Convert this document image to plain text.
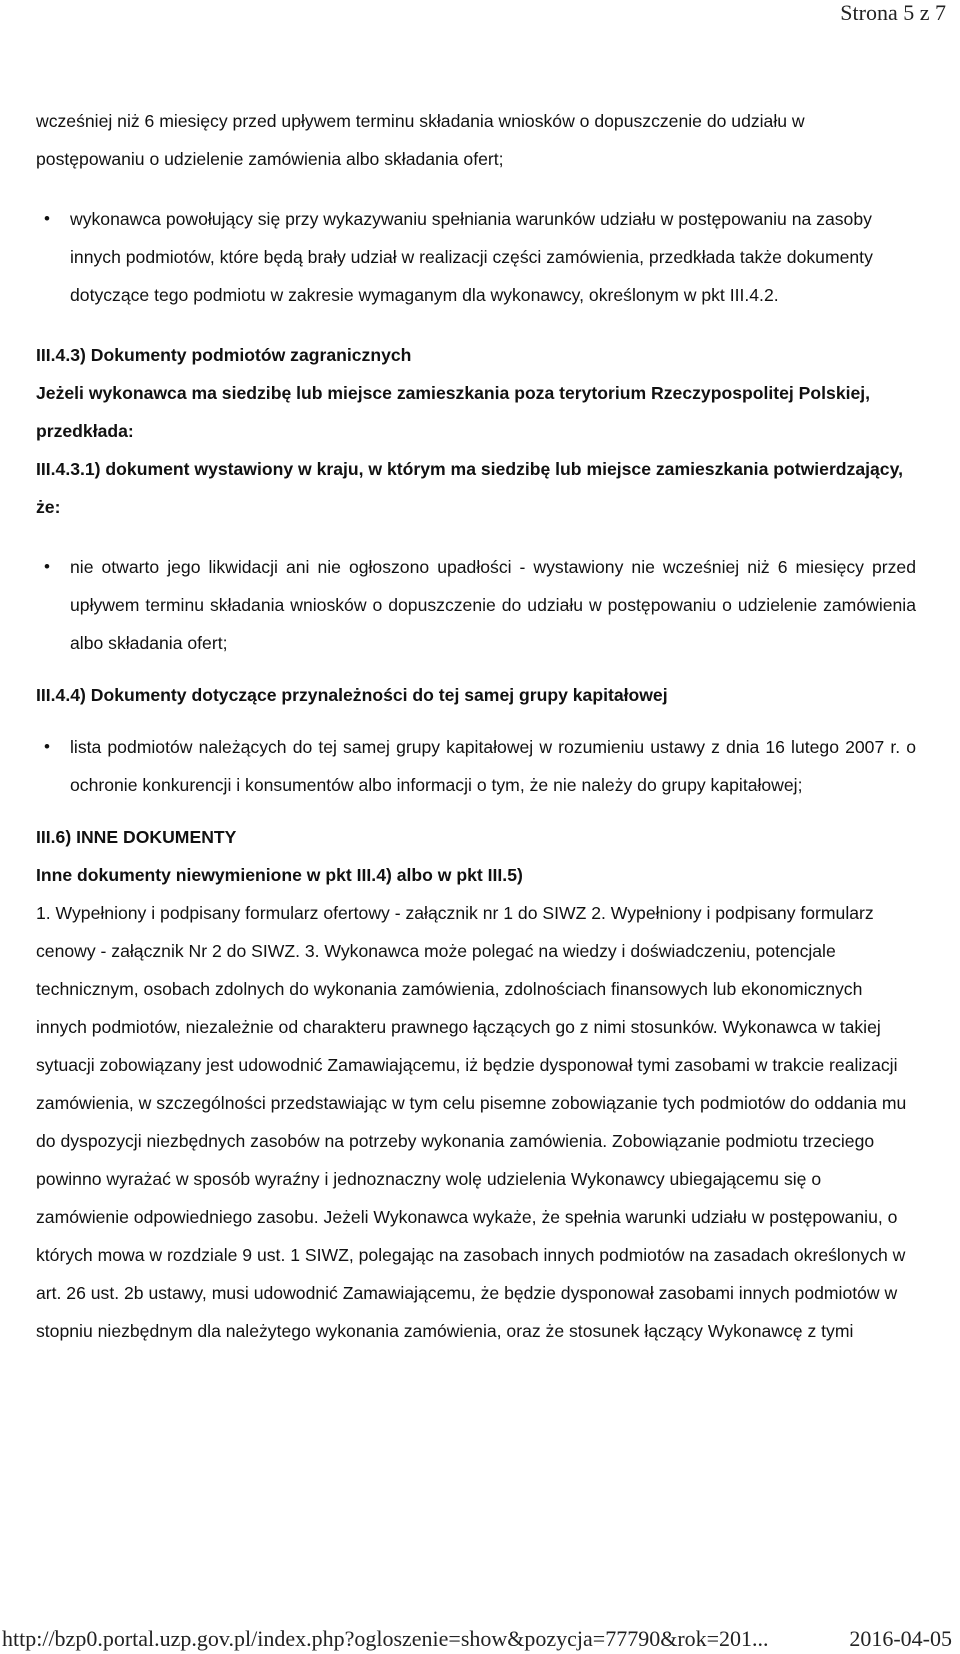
Strona 5 z 7

wcześniej niż 6 miesięcy przed upływem terminu składania wniosków o dopuszczenie do udziału w postępowaniu o udzielenie zamówienia albo składania ofert;

• wykonawca powołujący się przy wykazywaniu spełniania warunków udziału w postępowaniu na zasoby innych podmiotów, które będą brały udział w realizacji części zamówienia, przedkłada także dokumenty dotyczące tego podmiotu w zakresie wymaganym dla wykonawcy, określonym w pkt III.4.2.

III.4.3) Dokumenty podmiotów zagranicznych

Jeżeli wykonawca ma siedzibę lub miejsce zamieszkania poza terytorium Rzeczypospolitej Polskiej, przedkłada:

III.4.3.1) dokument wystawiony w kraju, w którym ma siedzibę lub miejsce zamieszkania potwierdzający, że:

• nie otwarto jego likwidacji ani nie ogłoszono upadłości - wystawiony nie wcześniej niż 6 miesięcy przed upływem terminu składania wniosków o dopuszczenie do udziału w postępowaniu o udzielenie zamówienia albo składania ofert;

III.4.4) Dokumenty dotyczące przynależności do tej samej grupy kapitałowej

• lista podmiotów należących do tej samej grupy kapitałowej w rozumieniu ustawy z dnia 16 lutego 2007 r. o ochronie konkurencji i konsumentów albo informacji o tym, że nie należy do grupy kapitałowej;

III.6) INNE DOKUMENTY

Inne dokumenty niewymienione w pkt III.4) albo w pkt III.5)

1. Wypełniony i podpisany formularz ofertowy - załącznik nr 1 do SIWZ 2. Wypełniony i podpisany formularz cenowy - załącznik Nr 2 do SIWZ. 3. Wykonawca może polegać na wiedzy i doświadczeniu, potencjale technicznym, osobach zdolnych do wykonania zamówienia, zdolnościach finansowych lub ekonomicznych innych podmiotów, niezależnie od charakteru prawnego łączących go z nimi stosunków. Wykonawca w takiej sytuacji zobowiązany jest udowodnić Zamawiającemu, iż będzie dysponował tymi zasobami w trakcie realizacji zamówienia, w szczególności przedstawiając w tym celu pisemne zobowiązanie tych podmiotów do oddania mu do dyspozycji niezbędnych zasobów na potrzeby wykonania zamówienia. Zobowiązanie podmiotu trzeciego powinno wyrażać w sposób wyraźny i jednoznaczny wolę udzielenia Wykonawcy ubiegającemu się o zamówienie odpowiedniego zasobu. Jeżeli Wykonawca wykaże, że spełnia warunki udziału w postępowaniu, o których mowa w rozdziale 9 ust. 1 SIWZ, polegając na zasobach innych podmiotów na zasadach określonych w art. 26 ust. 2b ustawy, musi udowodnić Zamawiającemu, że będzie dysponował zasobami innych podmiotów w stopniu niezbędnym dla należytego wykonania zamówienia, oraz że stosunek łączący Wykonawcę z tymi

http://bzp0.portal.uzp.gov.pl/index.php?ogloszenie=show&pozycja=77790&rok=201...	2016-04-05
